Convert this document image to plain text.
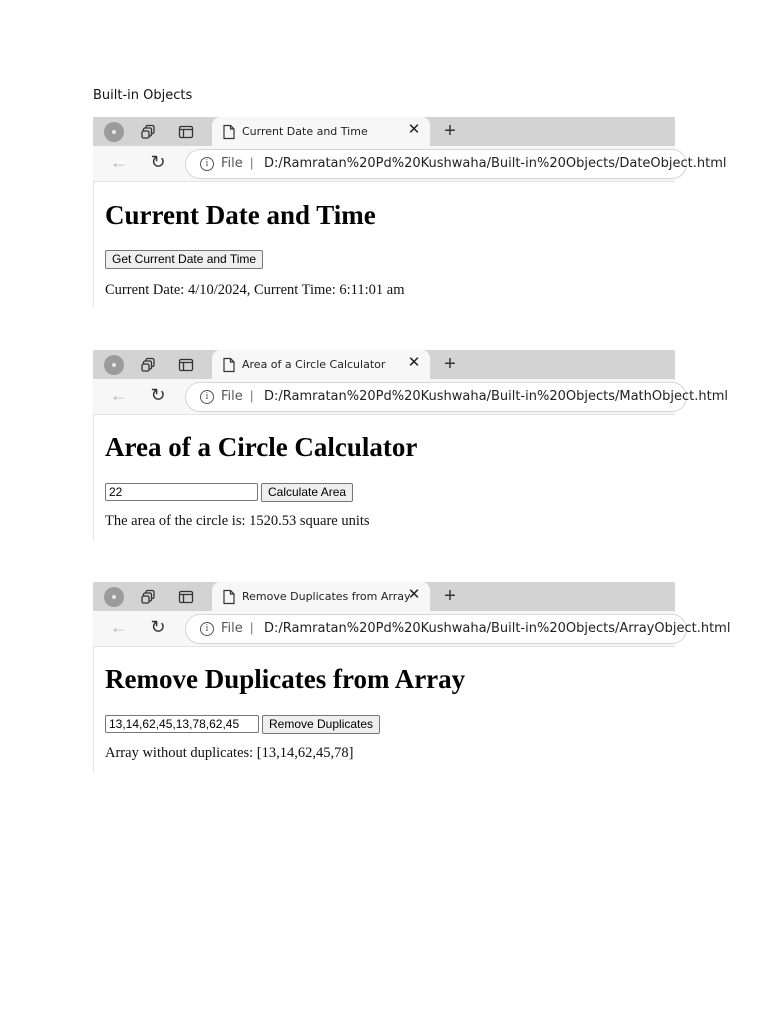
Built-in Objects
Current Date and Time	✕ +
← ↻	i File | D:/Ramratan%20Pd%20Kushwaha/Built-in%20Objects/DateObject.html
Current Date and Time
Get Current Date and Time
Current Date: 4/10/2024, Current Time: 6:11:01 am
Area of a Circle Calculator ✕ +
← ↻	i File | D:/Ramratan%20Pd%20Kushwaha/Built-in%20Objects/MathObject.html
Area of a Circle Calculator
22
Calculate Area
The area of the circle is: 1520.53 square units
Remove Duplicates from Array
✕ +
← ↻	i File | D:/Ramratan%20Pd%20Kushwaha/Built-in%20Objects/ArrayObject.html
Remove Duplicates from Array
13,14,62,45,13,78,62,45
Remove Duplicates
Array without duplicates: [13,14,62,45,78]
